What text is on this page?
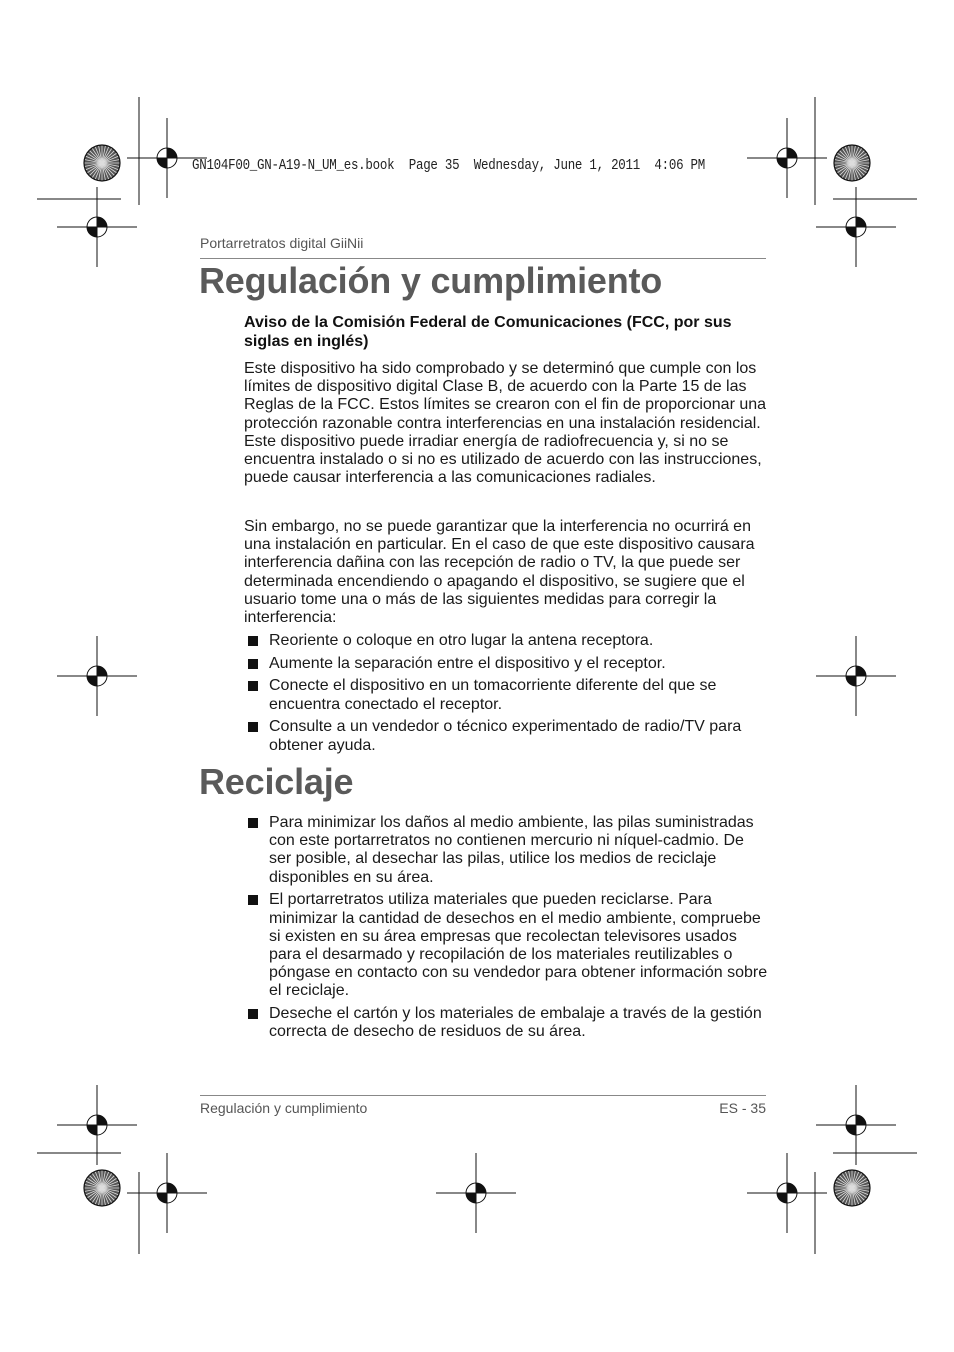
GN104F00_GN-A19-N_UM_es.book  Page 35  Wednesday, June 1, 2011  4:06 PM
Portarretratos digital GiiNii
Regulación y cumplimiento
Aviso de la Comisión Federal de Comunicaciones (FCC, por sus siglas en inglés)
Este dispositivo ha sido comprobado y se determinó que cumple con los límites de dispositivo digital Clase B, de acuerdo con la Parte 15 de las Reglas de la FCC. Estos límites se crearon con el fin de proporcionar una protección razonable contra interferencias en una instalación residencial. Este dispositivo puede irradiar energía de radiofrecuencia y, si no se encuentra instalado o si no es utilizado de acuerdo con las instrucciones, puede causar interferencia a las comunicaciones radiales.
Sin embargo, no se puede garantizar que la interferencia no ocurrirá en una instalación en particular. En el caso de que este dispositivo causara interferencia dañina con las recepción de radio o TV, la que puede ser determinada encendiendo o apagando el dispositivo, se sugiere que el usuario tome una o más de las siguientes medidas para corregir la interferencia:
Reoriente o coloque en otro lugar la antena receptora.
Aumente la separación entre el dispositivo y el receptor.
Conecte el dispositivo en un tomacorriente diferente del que se encuentra conectado el receptor.
Consulte a un vendedor o técnico experimentado de radio/TV para obtener ayuda.
Reciclaje
Para minimizar los daños al medio ambiente, las pilas suministradas con este portarretratos no contienen mercurio ni níquel-cadmio. De ser posible, al desechar las pilas, utilice los medios de reciclaje disponibles en su área.
El portarretratos utiliza materiales que pueden reciclarse. Para minimizar la cantidad de desechos en el medio ambiente, compruebe si existen en su área empresas que recolectan televisores usados para el desarmado y recopilación de los materiales reutilizables o póngase en contacto con su vendedor para obtener información sobre el reciclaje.
Deseche el cartón y los materiales de embalaje a través de la gestión correcta de desecho de residuos de su área.
Regulación y cumplimiento	ES - 35
